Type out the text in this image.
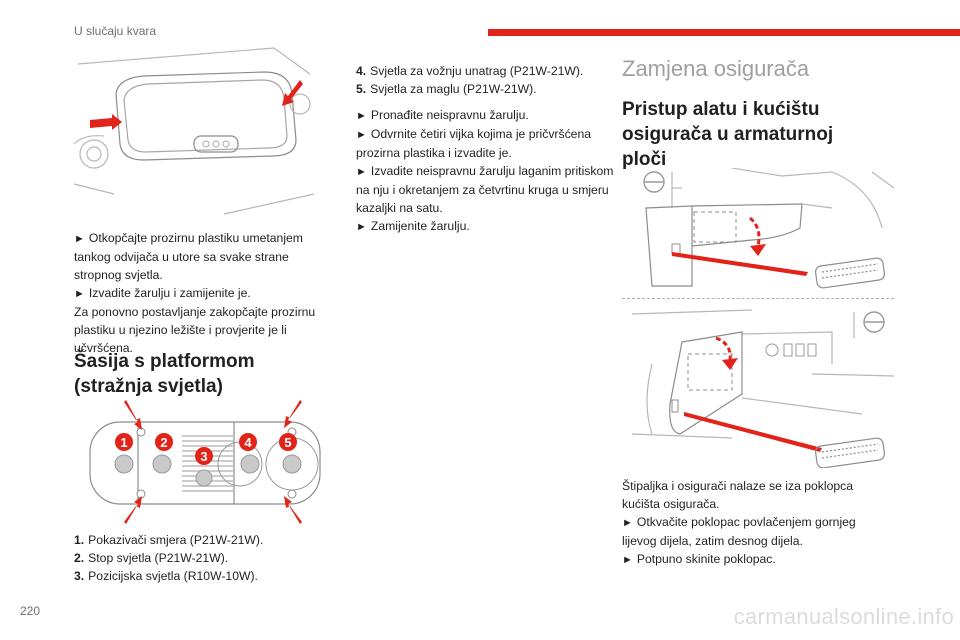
U slučaju kvara
► Otkopčajte prozirnu plastiku umetanjem
tankog odvijača u utore sa svake strane
stropnog svjetla.
► Izvadite žarulju i zamijenite je.
Za ponovno postavljanje zakopčajte prozirnu
plastiku u njezino ležište i provjerite je li
učvršćena.
Šasija s platformom
(stražnja svjetla)
1	2
3
4	5
1. Pokazivači smjera (P21W-21W).
2. Stop svjetla (P21W-21W).
3. Pozicijska svjetla (R10W-10W).
4. Svjetla za vožnju unatrag (P21W-21W).
5. Svjetla za maglu (P21W-21W).
► Pronađite neispravnu žarulju.
► Odvrnite četiri vijka kojima je pričvršćena
prozirna plastika i izvadite je.
► Izvadite neispravnu žarulju laganim pritiskom
na nju i okretanjem za četvrtinu kruga u smjeru
kazaljki na satu.
► Zamijenite žarulju.
Zamjena osigurača
Pristup alatu i kućištu
osigurača u armaturnoj
ploči
Štipaljka i osigurači nalaze se iza poklopca
kućišta osigurača.
► Otkvačite poklopac povlačenjem gornjeg
lijevog dijela, zatim desnog dijela.
► Potpuno skinite poklopac.
220	carmanualsonline.info
